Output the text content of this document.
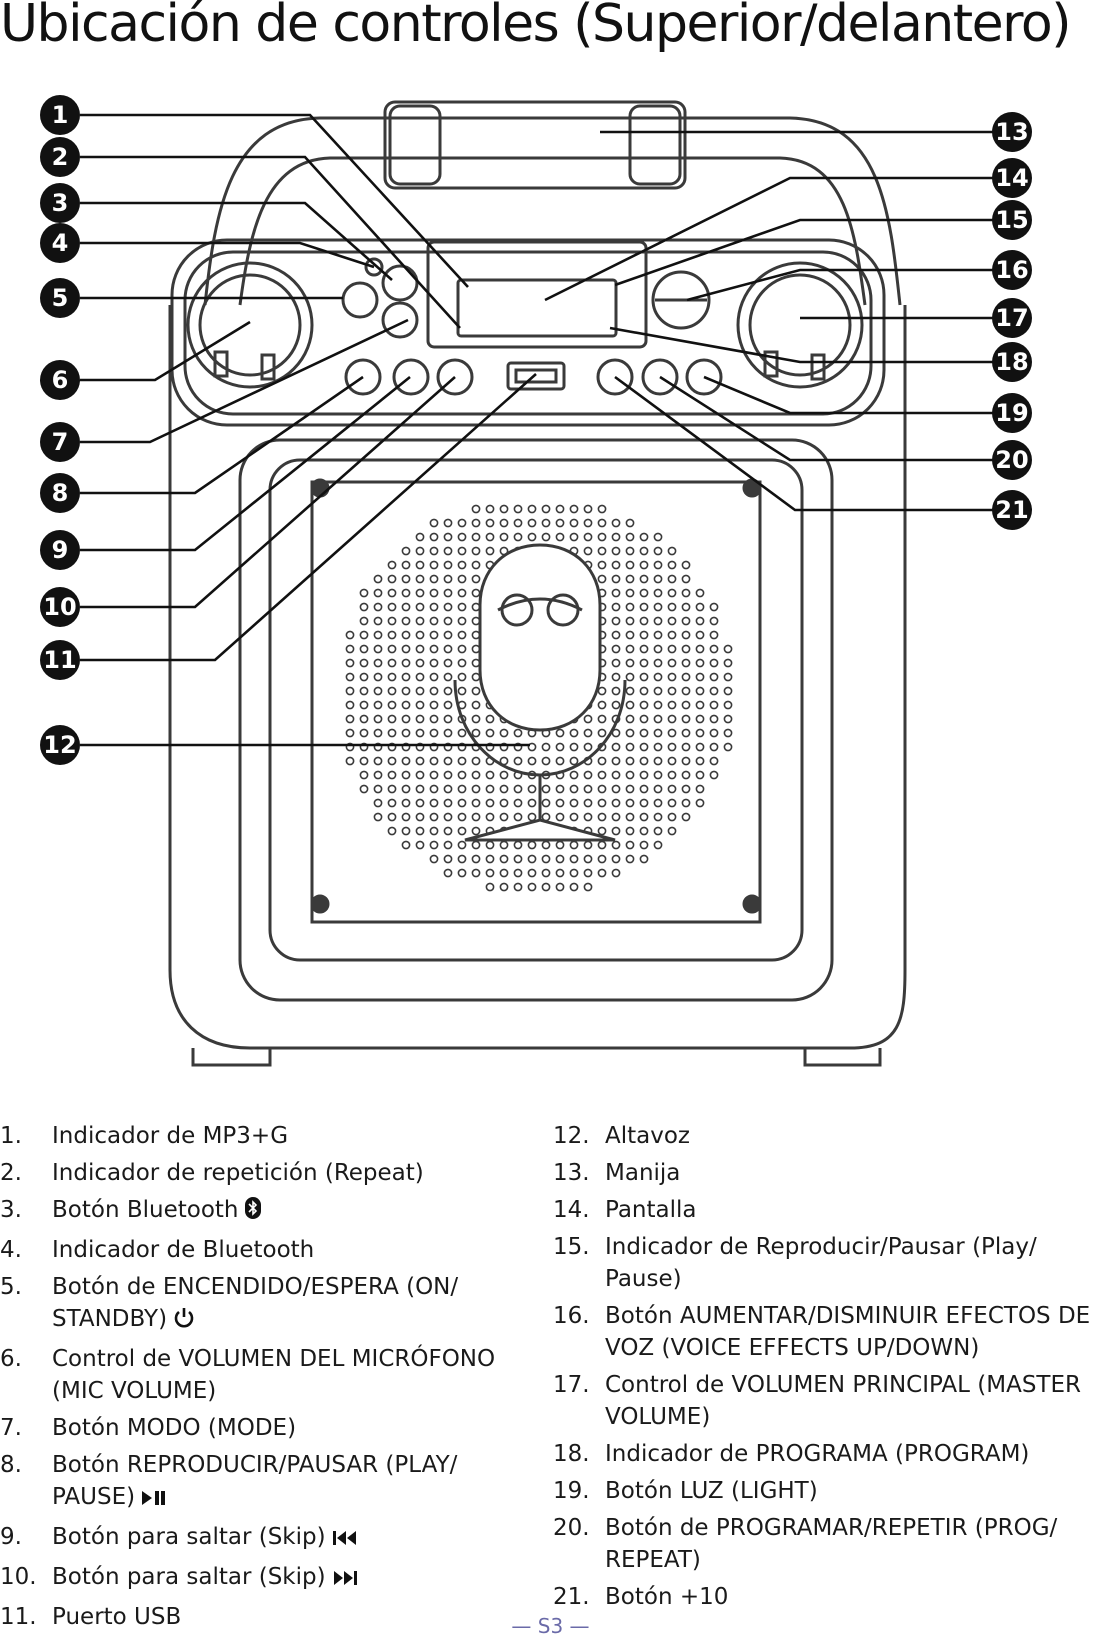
Ubicación de controles (Superior/delantero)
1
2
3
4
5
6
7
8
9
10
11
12
13
14
15
16
17
18
19
20
21
1.	Indicador de MP3+G
2.	Indicador de repetición (Repeat)
3.	Botón Bluetooth
4.	Indicador de Bluetooth
5.	Botón de ENCENDIDO/ESPERA (ON/ STANDBY)
6.	Control de VOLUMEN DEL MICRÓFONO (MIC VOLUME)
7.	Botón MODO (MODE)
8.	Botón REPRODUCIR/PAUSAR (PLAY/ PAUSE)
9.	Botón para saltar (Skip)
10. Botón para saltar (Skip)
11. Puerto USB
12. Altavoz
13. Manija
14. Pantalla
15. Indicador de Reproducir/Pausar (Play/ Pause)
16. Botón AUMENTAR/DISMINUIR EFECTOS DE VOZ (VOICE EFFECTS UP/DOWN)
17. Control de VOLUMEN PRINCIPAL (MASTER VOLUME)
18. Indicador de PROGRAMA (PROGRAM)
19. Botón LUZ (LIGHT)
20. Botón de PROGRAMAR/REPETIR (PROG/ REPEAT)
21. Botón +10
— S3 —
